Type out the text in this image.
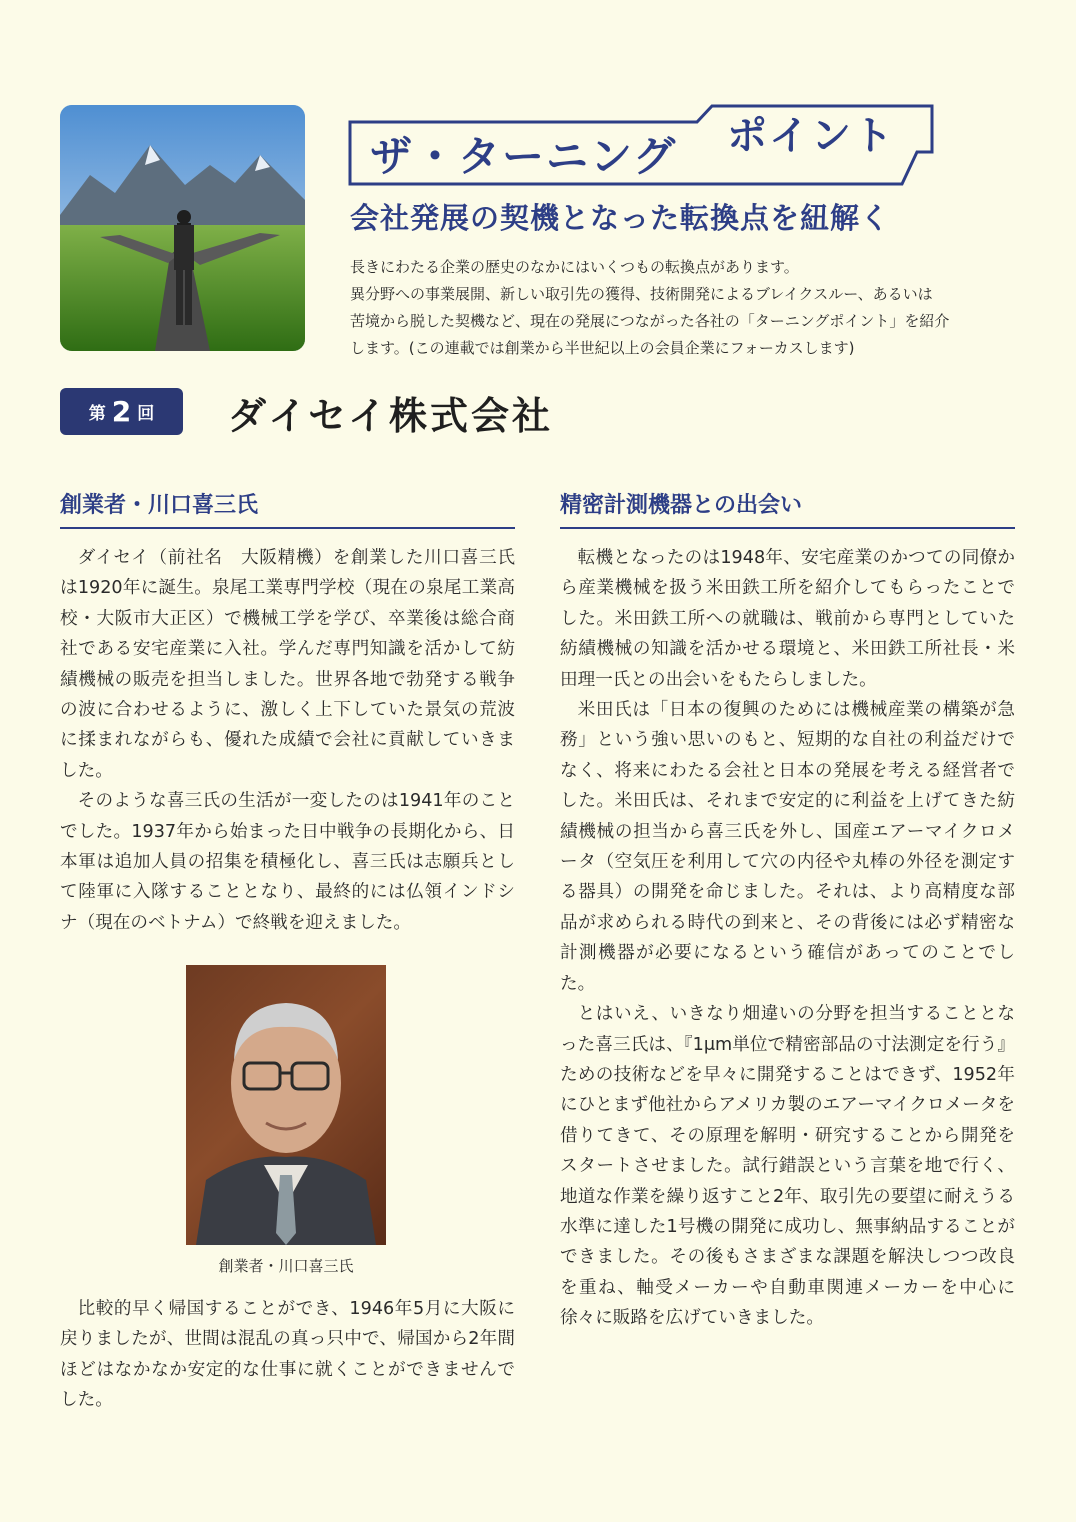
ザ・ターニング ポイント
会社発展の契機となった転換点を紐解く

長きにわたる企業の歴史のなかにはいくつもの転換点があります。

異分野への事業展開、新しい取引先の獲得、技術開発によるブレイクスルー、あるいは

苦境から脱した契機など、現在の発展につながった各社の「ターニングポイント」を紹介

します。(この連載では創業から半世紀以上の会員企業にフォーカスします)

第 2 回 ダイセイ株式会社
創業者・川口喜三氏

ダイセイ（前社名　大阪精機）を創業した川口喜三氏は1920年に誕生。泉尾工業専門学校（現在の泉尾工業高校・大阪市大正区）で機械工学を学び、卒業後は総合商社である安宅産業に入社。学んだ専門知識を活かして紡績機械の販売を担当しました。世界各地で勃発する戦争の波に合わせるように、激しく上下していた景気の荒波に揉まれながらも、優れた成績で会社に貢献していきました。

そのような喜三氏の生活が一変したのは1941年のことでした。1937年から始まった日中戦争の長期化から、日本軍は追加人員の招集を積極化し、喜三氏は志願兵として陸軍に入隊することとなり、最終的には仏領インドシナ（現在のベトナム）で終戦を迎えました。

創業者・川口喜三氏

比較的早く帰国することができ、1946年5月に大阪に戻りましたが、世間は混乱の真っ只中で、帰国から2年間ほどはなかなか安定的な仕事に就くことができませんでした。

精密計測機器との出会い

転機となったのは1948年、安宅産業のかつての同僚から産業機械を扱う米田鉄工所を紹介してもらったことでした。米田鉄工所への就職は、戦前から専門としていた紡績機械の知識を活かせる環境と、米田鉄工所社長・米田理一氏との出会いをもたらしました。

米田氏は「日本の復興のためには機械産業の構築が急務」という強い思いのもと、短期的な自社の利益だけでなく、将来にわたる会社と日本の発展を考える経営者でした。米田氏は、それまで安定的に利益を上げてきた紡績機械の担当から喜三氏を外し、国産エアーマイクロメータ（空気圧を利用して穴の内径や丸棒の外径を測定する器具）の開発を命じました。それは、より高精度な部品が求められる時代の到来と、その背後には必ず精密な計測機器が必要になるという確信があってのことでした。

とはいえ、いきなり畑違いの分野を担当することとなった喜三氏は、『1μm単位で精密部品の寸法測定を行う』ための技術などを早々に開発することはできず、1952年にひとまず他社からアメリカ製のエアーマイクロメータを借りてきて、その原理を解明・研究することから開発をスタートさせました。試行錯誤という言葉を地で行く、地道な作業を繰り返すこと2年、取引先の要望に耐えうる水準に達した1号機の開発に成功し、無事納品することができました。その後もさまざまな課題を解決しつつ改良を重ね、軸受メーカーや自動車関連メーカーを中心に徐々に販路を広げていきました。
